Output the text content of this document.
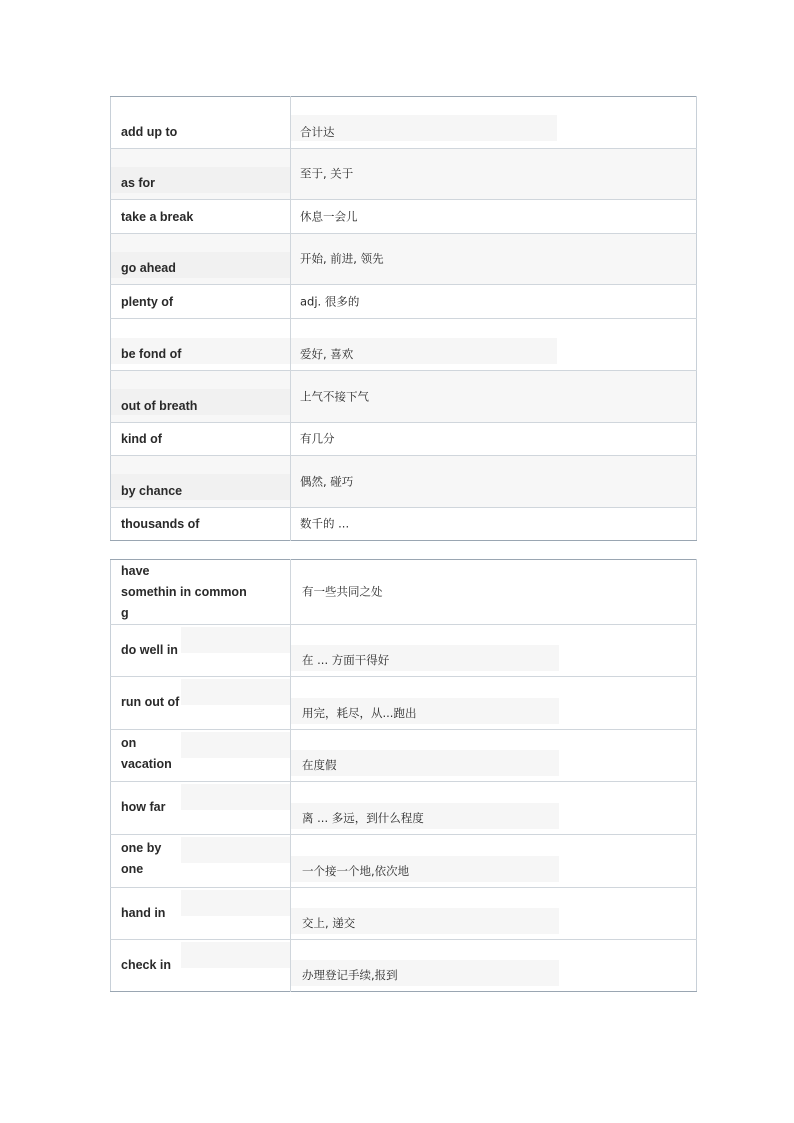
add up to	合计达

as for	至于, 关于

take a break	休息一会儿

go ahead	开始, 前进, 领先

plenty of	adj. 很多的

be fond of	爱好, 喜欢

out of breath	上气不接下气

kind of	有几分

by chance	偶然, 碰巧

thousands of	数千的 ...
have
somethin in common
g	有一些共同之处

do well in	在 ... 方面干得好

run out of	用完，耗尽，从...跑出

on
vacation	在度假

how far	离 ... 多远，到什么程度

one by
one	一个接一个地,依次地

hand in	交上, 递交

check in	办理登记手续,报到
